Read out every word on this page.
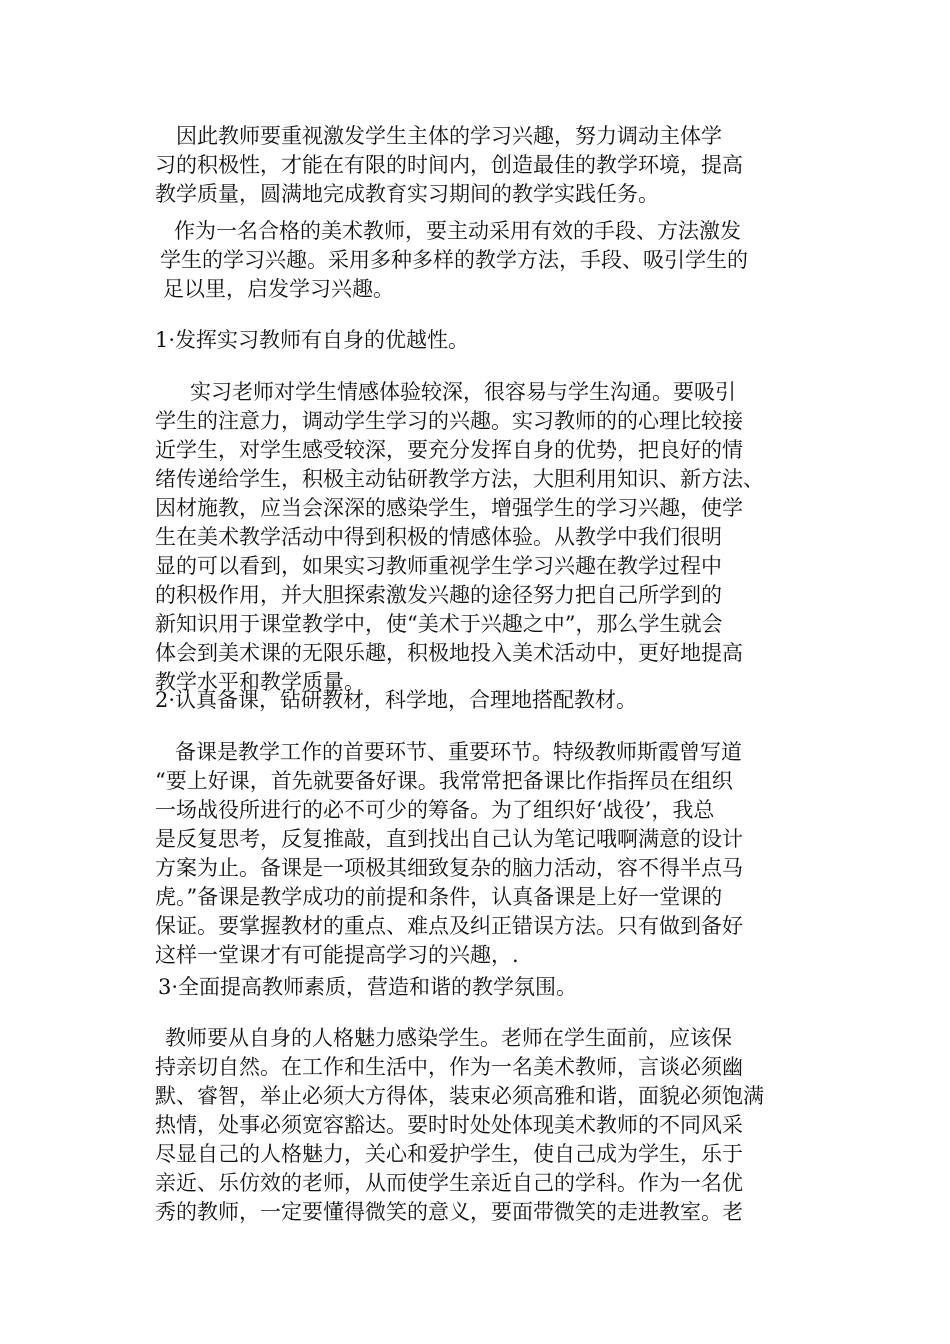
　因此教师要重视激发学生主体的学习兴趣，努力调动主体学
习的积极性，才能在有限的时间内，创造最佳的教学环境，提高
教学质量，圆满地完成教育实习期间的教学实践任务。
作为一名合格的美术教师，要主动采用有效的手段、方法激发
学生的学习兴趣。采用多种多样的教学方法，手段、吸引学生的
足以里，启发学习兴趣。
1·发挥实习教师有自身的优越性。
　实习老师对学生情感体验较深，很容易与学生沟通。要吸引
学生的注意力，调动学生学习的兴趣。实习教师的的心理比较接
近学生，对学生感受较深，要充分发挥自身的优势，把良好的情
绪传递给学生，积极主动钻研教学方法，大胆利用知识、新方法、
因材施教，应当会深深的感染学生，增强学生的学习兴趣，使学
生在美术教学活动中得到积极的情感体验。从教学中我们很明
显的可以看到，如果实习教师重视学生学习兴趣在教学过程中
的积极作用，并大胆探索激发兴趣的途径努力把自己所学到的
新知识用于课堂教学中，使“美术于兴趣之中”，那么学生就会
体会到美术课的无限乐趣，积极地投入美术活动中，更好地提高
教学水平和教学质量。
2·认真备课，钻研教材，科学地，合理地搭配教材。
备课是教学工作的首要环节、重要环节。特级教师斯霞曾写道
“要上好课，首先就要备好课。我常常把备课比作指挥员在组织
一场战役所进行的必不可少的筹备。为了组织好‘战役’，我总
是反复思考，反复推敲，直到找出自己认为笔记哦啊满意的设计
方案为止。备课是一项极其细致复杂的脑力活动，容不得半点马
虎。”备课是教学成功的前提和条件，认真备课是上好一堂课的
保证。要掌握教材的重点、难点及纠正错误方法。只有做到备好
这样一堂课才有可能提高学习的兴趣，.
3·全面提高教师素质，营造和谐的教学氛围。
教师要从自身的人格魅力感染学生。老师在学生面前，应该保
持亲切自然。在工作和生活中，作为一名美术教师，言谈必须幽
默、睿智，举止必须大方得体，装束必须高雅和谐，面貌必须饱满
热情，处事必须宽容豁达。要时时处处体现美术教师的不同风采
尽显自己的人格魅力，关心和爱护学生，使自己成为学生，乐于
亲近、乐仿效的老师，从而使学生亲近自己的学科。作为一名优
秀的教师，一定要懂得微笑的意义，要面带微笑的走进教室。老
